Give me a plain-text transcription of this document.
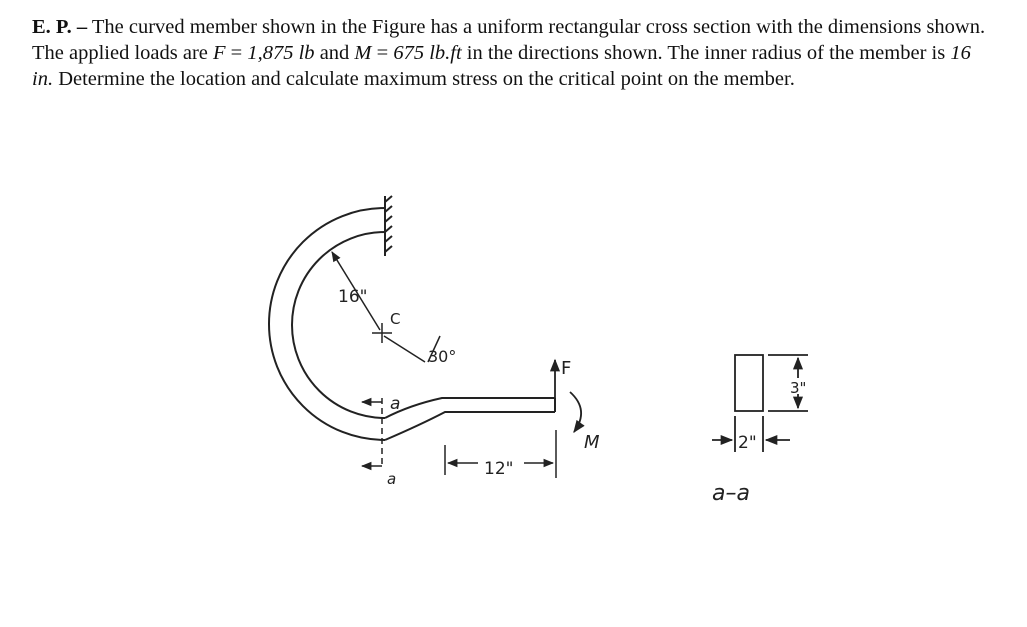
E. P. – The curved member shown in the Figure has a uniform rectangular cross section with the dimensions shown. The applied loads are F = 1,875 lb and M = 675 lb.ft in the directions shown. The inner radius of the member is 16 in. Determine the location and calculate maximum stress on the critical point on the member.
16"
C
30°
a
a	12"
F
M
3"
2"
a–a
